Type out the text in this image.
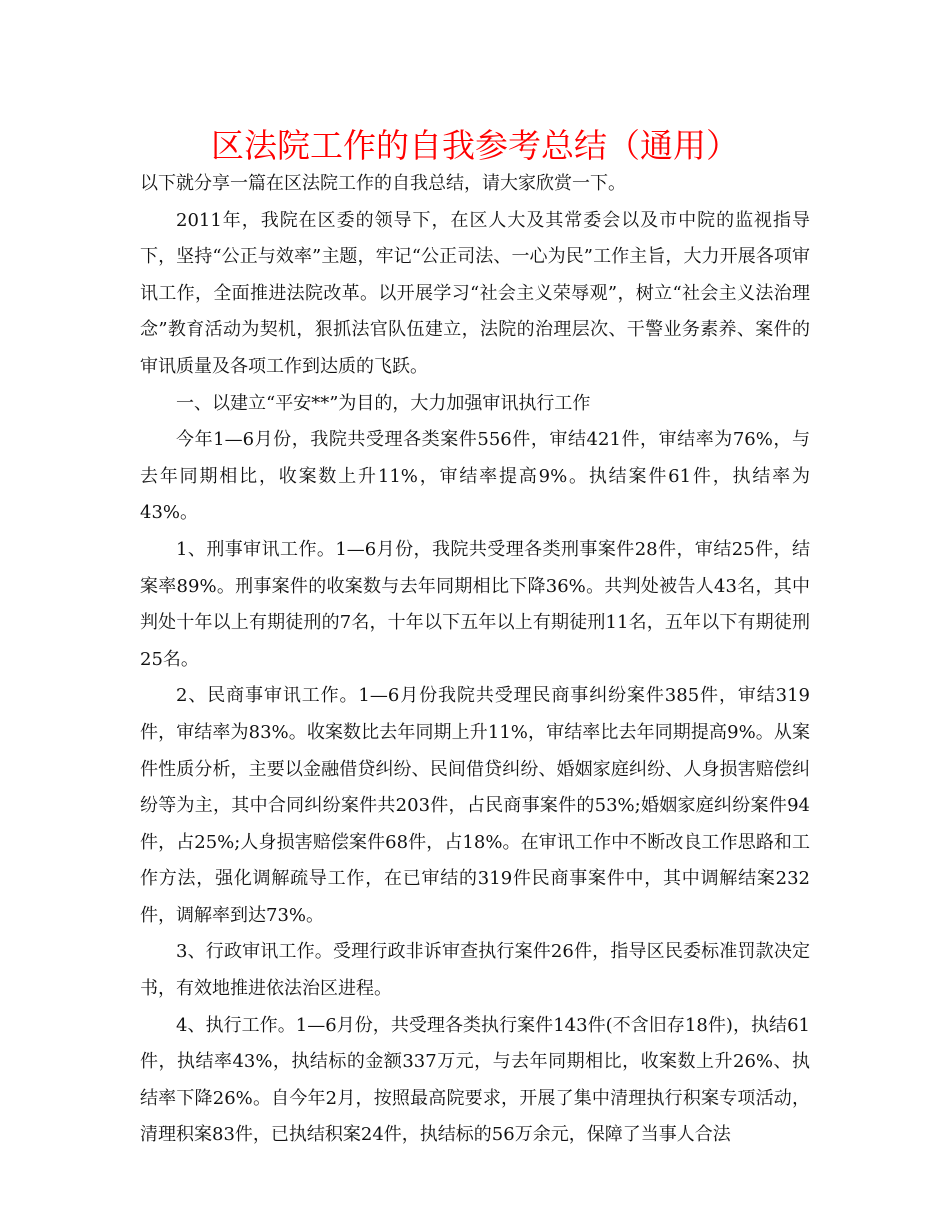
区法院工作的自我参考总结（通用）

以下就分享一篇在区法院工作的自我总结，请大家欣赏一下。

2011年，我院在区委的领导下，在区人大及其常委会以及市中院的监视指导下，坚持“公正与效率”主题，牢记“公正司法、一心为民”工作主旨，大力开展各项审讯工作，全面推进法院改革。以开展学习“社会主义荣辱观”，树立“社会主义法治理念”教育活动为契机，狠抓法官队伍建立，法院的治理层次、干警业务素养、案件的审讯质量及各项工作到达质的飞跃。

一、以建立“平安**”为目的，大力加强审讯执行工作

今年1—6月份，我院共受理各类案件556件，审结421件，审结率为76%，与去年同期相比，收案数上升11%，审结率提高9%。执结案件61件，执结率为43%。

1、刑事审讯工作。1—6月份，我院共受理各类刑事案件28件，审结25件，结案率89%。刑事案件的收案数与去年同期相比下降36%。共判处被告人43名，其中判处十年以上有期徒刑的7名，十年以下五年以上有期徒刑11名，五年以下有期徒刑25名。

2、民商事审讯工作。1—6月份我院共受理民商事纠纷案件385件，审结319件，审结率为83%。收案数比去年同期上升11%，审结率比去年同期提高9%。从案件性质分析，主要以金融借贷纠纷、民间借贷纠纷、婚姻家庭纠纷、人身损害赔偿纠纷等为主，其中合同纠纷案件共203件，占民商事案件的53%;婚姻家庭纠纷案件94件，占25%;人身损害赔偿案件68件，占18%。在审讯工作中不断改良工作思路和工作方法，强化调解疏导工作，在已审结的319件民商事案件中，其中调解结案232件，调解率到达73%。

3、行政审讯工作。受理行政非诉审查执行案件26件，指导区民委标准罚款决定书，有效地推进依法治区进程。

4、执行工作。1—6月份，共受理各类执行案件143件(不含旧存18件)，执结61件，执结率43%，执结标的金额337万元，与去年同期相比，收案数上升26%、执结率下降26%。自今年2月，按照最高院要求，开展了集中清理执行积案专项活动，清理积案83件，已执结积案24件，执结标的56万余元，保障了当事人合法
